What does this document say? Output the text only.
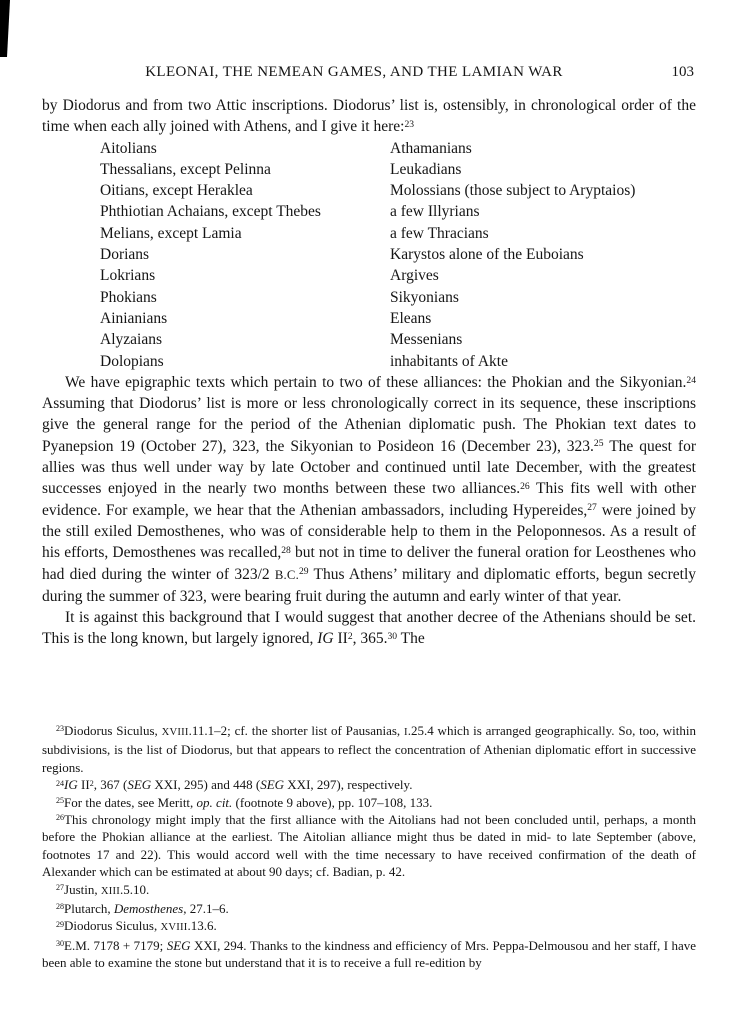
KLEONAI, THE NEMEAN GAMES, AND THE LAMIAN WAR	103

by Diodorus and from two Attic inscriptions. Diodorus’ list is, ostensibly, in chronological order of the time when each ally joined with Athens, and I give it here:$^{23}$

Aitolians	Athamanians
Thessalians, except Pelinna	Leukadians
Oitians, except Heraklea	Molossians (those subject to Aryptaios)
Phthiotian Achaians, except Thebes	a few Illyrians
Melians, except Lamia	a few Thracians
Dorians	Karystos alone of the Euboians
Lokrians	Argives
Phokians	Sikyonians
Ainianians	Eleans
Alyzaians	Messenians
Dolopians	inhabitants of Akte

We have epigraphic texts which pertain to two of these alliances: the Phokian and the Sikyonian.$^{24}$ Assuming that Diodorus’ list is more or less chronologically correct in its sequence, these inscriptions give the general range for the period of the Athenian diplomatic push. The Phokian text dates to Pyanepsion 19 (October 27), 323, the Sikyonian to Posideon 16 (December 23), 323.25 The quest for allies was thus well under way by late October and continued until late December, with the greatest successes enjoyed in the nearly two months between these two alliances.$^{26}$ This fits well with other evidence. For example, we hear that the Athenian ambassadors, including Hypereides,$^{27}$ were joined by the still exiled Demosthenes, who was of considerable help to them in the Peloponnesos. As a result of his efforts, Demosthenes was recalled,$^{28}$ but not in time to deliver the funeral oration for Leosthenes who had died during the winter of 323/2 B.C.$^{29}$ Thus Athens’ military and diplomatic efforts, begun secretly during the summer of 323, were bearing fruit during the autumn and early winter of that year.

It is against this background that I would suggest that another decree of the Athenians should be set. This is the long known, but largely ignored, IG $II^2$, 365.30 The

$^{23}$Diodorus Siculus, XVIII.11.1–2; cf. the shorter list of Pausanias, I.25.4 which is arranged geographically. So, too, within subdivisions, is the list of Diodorus, but that appears to reflect the concentration of Athenian diplomatic effort in successive regions.

$^{24}$IG $II^2$, 367 (SEG XXI, 295) and 448 (SEG XXI, 297), respectively.

$^{25}$For the dates, see Meritt, op. cit. (footnote 9 above), pp. 107–108, 133.

$^{26}$This chronology might imply that the first alliance with the Aitolians had not been concluded until, perhaps, a month before the Phokian alliance at the earliest. The Aitolian alliance might thus be dated in mid- to late September (above, footnotes 17 and 22). This would accord well with the time necessary to have received confirmation of the death of Alexander which can be estimated at about 90 days; cf. Badian, p. 42.

$^{27}$Justin, XIII.5.10.

$^{28}$Plutarch, Demosthenes, 27.1–6.

$^{29}$Diodorus Siculus, XVIII.13.6.

$^{30}$E.M. 7178 + 7179; SEG XXI, 294. Thanks to the kindness and efficiency of Mrs. Peppa-Delmousou and her staff, I have been able to examine the stone but understand that it is to receive a full re-edition by
